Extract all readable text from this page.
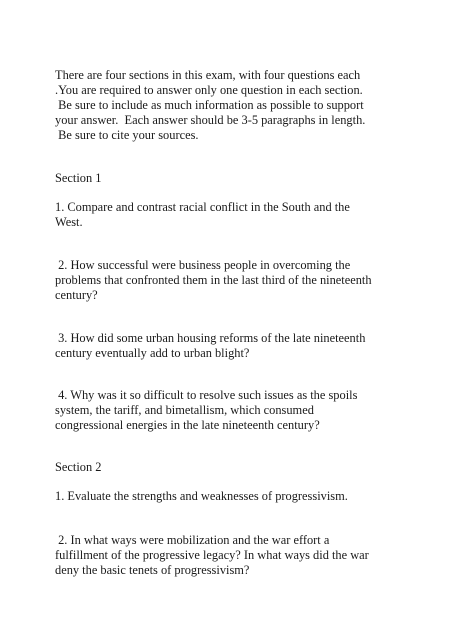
There are four sections in this exam, with four questions each

.You are required to answer only one question in each section.

Be sure to include as much information as possible to support

your answer.  Each answer should be 3-5 paragraphs in length.

Be sure to cite your sources.

Section 1

1. Compare and contrast racial conflict in the South and the

West.

2. How successful were business people in overcoming the

problems that confronted them in the last third of the nineteenth

century?

3. How did some urban housing reforms of the late nineteenth

century eventually add to urban blight?

4. Why was it so difficult to resolve such issues as the spoils

system, the tariff, and bimetallism, which consumed

congressional energies in the late nineteenth century?

Section 2

1. Evaluate the strengths and weaknesses of progressivism.

2. In what ways were mobilization and the war effort a

fulfillment of the progressive legacy? In what ways did the war

deny the basic tenets of progressivism?
